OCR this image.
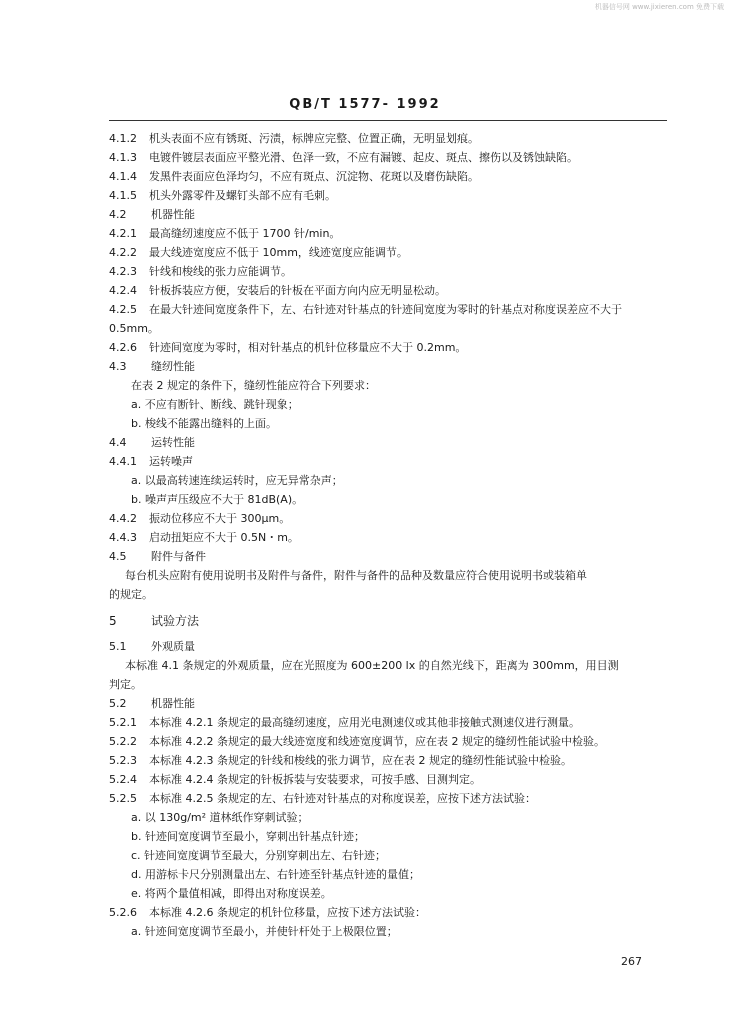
机器信号网 www.jixieren.com 免费下载
QB/T 1577- 1992
4.1.2 机头表面不应有锈斑、污渍，标牌应完整、位置正确，无明显划痕。
4.1.3 电镀件镀层表面应平整光滑、色泽一致，不应有漏镀、起皮、斑点、擦伤以及锈蚀缺陷。
4.1.4 发黑件表面应色泽均匀，不应有斑点、沉淀物、花斑以及磨伤缺陷。
4.1.5 机头外露零件及螺钉头部不应有毛刺。
4.2 机器性能
4.2.1 最高缝纫速度应不低于 1700 针/min。
4.2.2 最大线迹宽度应不低于 10mm，线迹宽度应能调节。
4.2.3 针线和梭线的张力应能调节。
4.2.4 针板拆装应方便，安装后的针板在平面方向内应无明显松动。
4.2.5 在最大针迹间宽度条件下，左、右针迹对针基点的针迹间宽度为零时的针基点对称度误差应不大于
0.5mm。
4.2.6 针迹间宽度为零时，相对针基点的机针位移量应不大于 0.2mm。
4.3 缝纫性能
在表 2 规定的条件下，缝纫性能应符合下列要求：
a. 不应有断针、断线、跳针现象；
b. 梭线不能露出缝料的上面。
4.4 运转性能
4.4.1 运转噪声
a. 以最高转速连续运转时，应无异常杂声；
b. 噪声声压级应不大于 81dB(A)。
4.4.2 振动位移应不大于 300μm。
4.4.3 启动扭矩应不大于 0.5N・m。
4.5 附件与备件
每台机头应附有使用说明书及附件与备件，附件与备件的品种及数量应符合使用说明书或装箱单
的规定。
5	试验方法
5.1 外观质量
本标准 4.1 条规定的外观质量，应在光照度为 600±200 lx 的自然光线下，距离为 300mm，用目测
判定。
5.2 机器性能
5.2.1 本标准 4.2.1 条规定的最高缝纫速度，应用光电测速仪或其他非接触式测速仪进行测量。
5.2.2 本标准 4.2.2 条规定的最大线迹宽度和线迹宽度调节，应在表 2 规定的缝纫性能试验中检验。
5.2.3 本标准 4.2.3 条规定的针线和梭线的张力调节，应在表 2 规定的缝纫性能试验中检验。
5.2.4 本标准 4.2.4 条规定的针板拆装与安装要求，可按手感、目测判定。
5.2.5 本标准 4.2.5 条规定的左、右针迹对针基点的对称度误差，应按下述方法试验：
a. 以 130g/m² 道林纸作穿刺试验；
b. 针迹间宽度调节至最小，穿刺出针基点针迹；
c. 针迹间宽度调节至最大，分别穿刺出左、右针迹；
d. 用游标卡尺分别测量出左、右针迹至针基点针迹的量值；
e. 将两个量值相减，即得出对称度误差。
5.2.6 本标准 4.2.6 条规定的机针位移量，应按下述方法试验：
a. 针迹间宽度调节至最小，并使针杆处于上极限位置；
267
